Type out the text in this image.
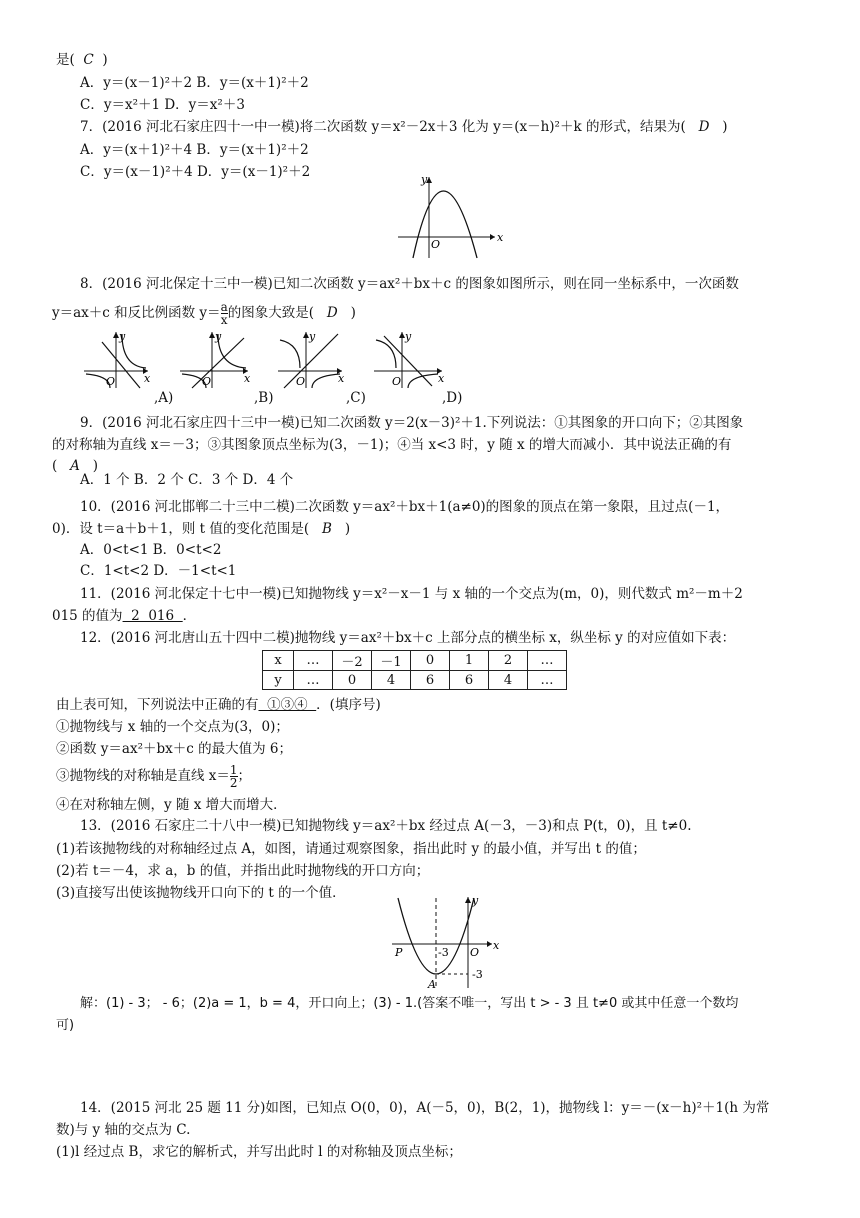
是( C )
A．y＝(x－1)²＋2 B．y＝(x＋1)²＋2
C．y＝x²＋1 D．y＝x²＋3
7．(2016 河北石家庄四十一中一模)将二次函数 y＝x²－2x＋3 化为 y＝(x－h)²＋k 的形式，结果为( D )
A．y＝(x＋1)²＋4 B．y＝(x＋1)²＋2
C．y＝(x－1)²＋4 D．y＝(x－1)²＋2	y
x
O
8．(2016 河北保定十三中一模)已知二次函数 y＝ax²＋bx＋c 的图象如图所示，则在同一坐标系中，一次函数
y＝ax＋c 和反比例函数 $y= \frac{a}{x}$ 的图象大致是( D )
y
x
O
,A)
y
x
O
,B)
y
x
O
,C)
y
x
O
,D)
9．(2016 河北石家庄四十三中一模)已知二次函数 y＝2(x－3)²＋1.下列说法：①其图象的开口向下；②其图象
的对称轴为直线 x＝－3；③其图象顶点坐标为(3，－1)；④当 x<3 时，y 随 x 的增大而减小．其中说法正确的有
( A )
A．1 个 B．2 个 C．3 个 D．4 个
10．(2016 河北邯郸二十三中二模)二次函数 y＝ax²＋bx＋1(a≠0)的图象的顶点在第一象限，且过点(－1，
0)．设 t＝a＋b＋1，则 t 值的变化范围是( B )
A．0<t<1 B．0<t<2
C．1<t<2 D．－1<t<1
11．(2016 河北保定十七中一模)已知抛物线 y＝x²－x－1 与 x 轴的一个交点为(m，0)，则代数式 m²－m＋2
015 的值为  2  016  ．
12．(2016 河北唐山五十四中二模)抛物线 y＝ax²＋bx＋c 上部分点的横坐标 x，纵坐标 y 的对应值如下表：
x	…	－2	－1	0	1	2	…
y	…	0	4	6	6	4	…
由上表可知，下列说法中正确的有  ①③④  ．(填序号)
①抛物线与 x 轴的一个交点为(3，0)；
②函数 y＝ax²＋bx＋c 的最大值为 6；
③抛物线的对称轴是直线 $x= \frac{1}{2}$ ；
④在对称轴左侧，y 随 x 增大而增大．
13．(2016 石家庄二十八中一模)已知抛物线 y＝ax²＋bx 经过点 A(－3，－3)和点 P(t，0)，且 t≠0.
(1)若该抛物线的对称轴经过点 A，如图，请通过观察图象，指出此时 y 的最小值，并写出 t 的值；
(2)若 t＝－4，求 a，b 的值，并指出此时抛物线的开口方向；
(3)直接写出使该抛物线开口向下的 t 的一个值．	y
x
O
P
A
-3
-3
解：(1) - 3； - 6；(2)a = 1，b = 4，开口向上；(3) - 1.(答案不唯一，写出 t > - 3 且 t≠0 或其中任意一个数均
可)
14．(2015 河北 25 题 11 分)如图，已知点 O(0，0)，A(－5，0)，B(2，1)，抛物线 l：y＝－(x－h)²＋1(h 为常
数)与 y 轴的交点为 C.
(1)l 经过点 B，求它的解析式，并写出此时 l 的对称轴及顶点坐标；
